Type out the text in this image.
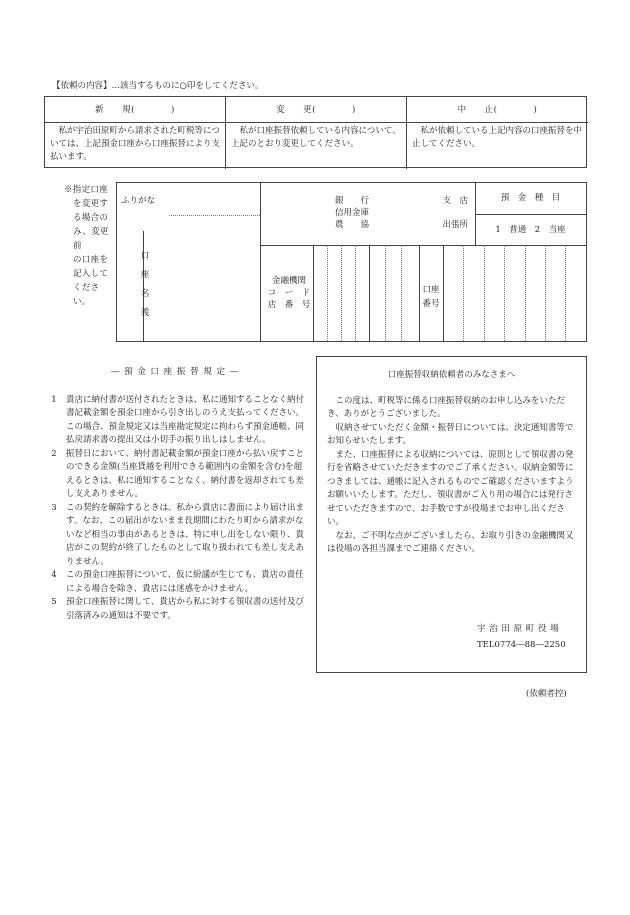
【依頼の内容】…該当するものに○印をしてください。
新　　規(　　　　)	変　　更(　　　　)	中　　止(　　　　)
私が宇治田原町から請求された町税等については、上記預金口座から口座振替により支払います。
私が口座振替依頼している内容について、上記のとおり変更してください。
私が依頼している上記内容の口座振替を中止してください。
※指定口座
を変更す
る場合の
み、変更前
の口座を
記入して
ください。
ふりがな
口
座
名
義
銀　　行
信用金庫
農　　協
支　店

出張所
預　金　種　目
1　普通　2　当座
金融機関
コ　ー　ド
店　番　号
口座
番号
― 預 金 口 座 振 替 規 定 ―
1	貴店に納付書が送付されたときは、私に通知することなく納付書記載金額を預金口座から引き出しのうえ支払ってください。この場合、預金規定又は当座勘定規定に拘わらず預金通帳、同払戻請求書の提出又は小切手の振り出しはしません。
2	振替日において、納付書記載金額が預金口座から払い戻すことのできる金額(当座貸越を利用できる範囲内の金額を含む)を超えるときは、私に通知することなく、納付書を返却されても差し支えありません。
3	この契約を解除するときは、私から貴店に書面により届け出ます。なお、この届出がないまま長期間にわたり町から請求がないなど相当の事由があるときは、特に申し出をしない限り、貴店がこの契約が終了したものとして取り扱われても差し支えありません。
4	この預金口座振替について、仮に紛議が生じても、貴店の責任による場合を除き、貴店には迷惑をかけません。
5	預金口座振替に関して、貴店から私に対する領収書の送付及び引落済みの通知は不要です。
口座振替収納依頼者のみなさまへ

この度は、町税等に係る口座振替収納のお申し込みをいただき、ありがとうございました。

収納させていただく金額・振替日については、決定通知書等でお知らせいたします。

また、口座振替による収納については、原則として領収書の発行を省略させていただきますのでご了承ください。収納金額等につきましては、通帳に記入されるものでご確認くださいますようお願いいたします。ただし、領収書がご入り用の場合には発行させていただきますので、お手数ですが役場までお申し出ください。

なお、ご不明な点がございましたら、お取り引きの金融機関又は役場の各担当課までご連絡ください。

宇 治 田 原 町 役 場
TEL0774―88―2250
(依頼者控)
